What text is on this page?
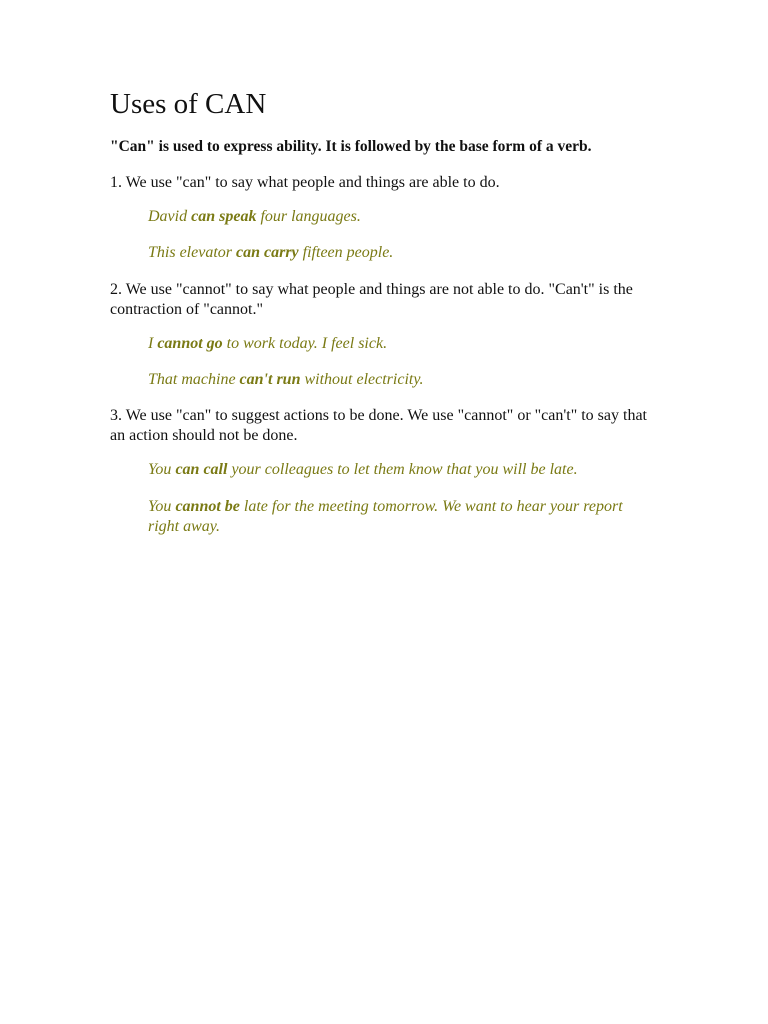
Uses of CAN

"Can" is used to express ability. It is followed by the base form of a verb.

1. We use "can" to say what people and things are able to do.

David can speak four languages.

This elevator can carry fifteen people.

2. We use "cannot" to say what people and things are not able to do. "Can't" is the contraction of "cannot."

I cannot go to work today. I feel sick.

That machine can't run without electricity.

3. We use "can" to suggest actions to be done. We use "cannot" or "can't" to say that an action should not be done.

You can call your colleagues to let them know that you will be late.

You cannot be late for the meeting tomorrow. We want to hear your report right away.
